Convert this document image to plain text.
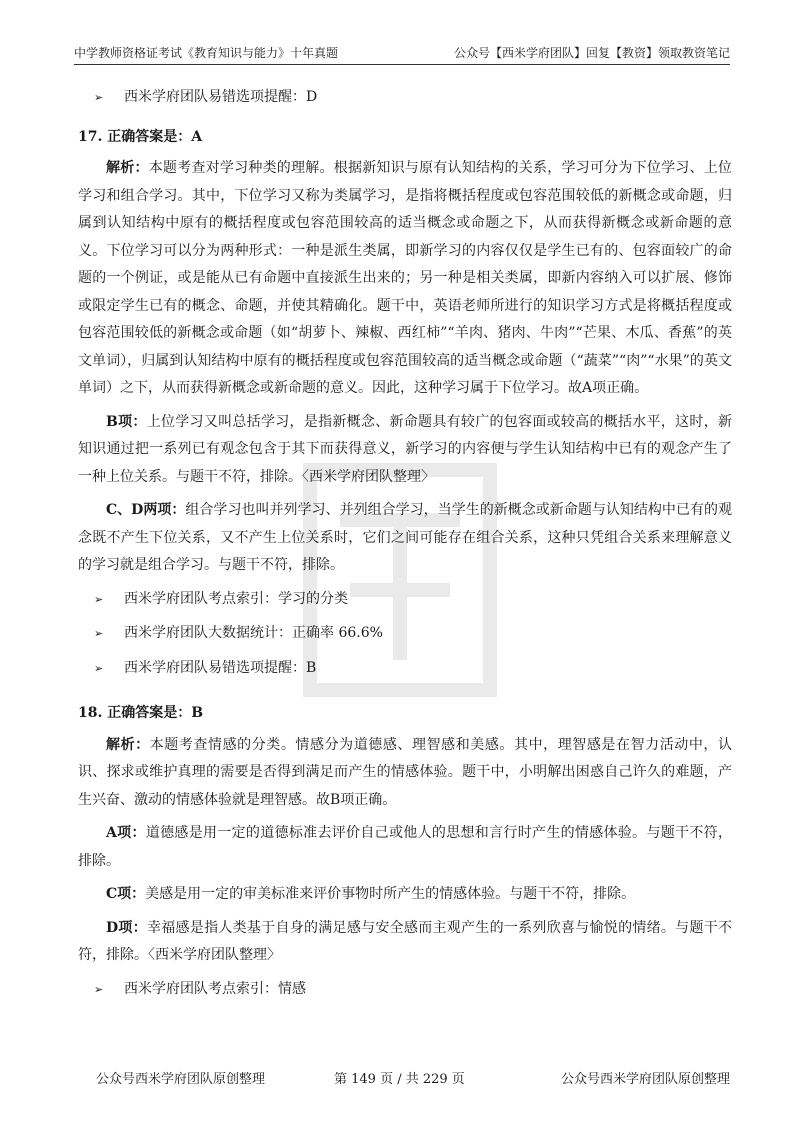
中学教师资格证考试《教育知识与能力》十年真题	公众号【西米学府团队】回复【教资】领取教资笔记
➢	西米学府团队易错选项提醒：D
17. 正确答案是：A

解析：本题考查对学习种类的理解。根据新知识与原有认知结构的关系，学习可分为下位学习、上位学习和组合学习。其中，下位学习又称为类属学习，是指将概括程度或包容范围较低的新概念或命题，归属到认知结构中原有的概括程度或包容范围较高的适当概念或命题之下，从而获得新概念或新命题的意义。下位学习可以分为两种形式：一种是派生类属，即新学习的内容仅仅是学生已有的、包容面较广的命题的一个例证，或是能从已有命题中直接派生出来的；另一种是相关类属，即新内容纳入可以扩展、修饰或限定学生已有的概念、命题，并使其精确化。题干中，英语老师所进行的知识学习方式是将概括程度或包容范围较低的新概念或命题（如“胡萝卜、辣椒、西红柿”“羊肉、猪肉、牛肉”“芒果、木瓜、香蕉”的英文单词），归属到认知结构中原有的概括程度或包容范围较高的适当概念或命题（“蔬菜”“肉”“水果”的英文单词）之下，从而获得新概念或新命题的意义。因此，这种学习属于下位学习。故A项正确。

B项：上位学习又叫总括学习，是指新概念、新命题具有较广的包容面或较高的概括水平，这时，新知识通过把一系列已有观念包含于其下而获得意义，新学习的内容便与学生认知结构中已有的观念产生了一种上位关系。与题干不符，排除。〈西米学府团队整理〉

C、D两项：组合学习也叫并列学习、并列组合学习，当学生的新概念或新命题与认知结构中已有的观念既不产生下位关系，又不产生上位关系时，它们之间可能存在组合关系，这种只凭组合关系来理解意义的学习就是组合学习。与题干不符，排除。

➢	西米学府团队考点索引：学习的分类
➢	西米学府团队大数据统计：正确率 66.6%
➢	西米学府团队易错选项提醒：B
18. 正确答案是：B

解析：本题考查情感的分类。情感分为道德感、理智感和美感。其中，理智感是在智力活动中，认识、探求或维护真理的需要是否得到满足而产生的情感体验。题干中，小明解出困惑自己许久的难题，产生兴奋、激动的情感体验就是理智感。故B项正确。

A项：道德感是用一定的道德标准去评价自己或他人的思想和言行时产生的情感体验。与题干不符，排除。

C项：美感是用一定的审美标准来评价事物时所产生的情感体验。与题干不符，排除。

D项：幸福感是指人类基于自身的满足感与安全感而主观产生的一系列欣喜与愉悦的情绪。与题干不符，排除。〈西米学府团队整理〉

➢	西米学府团队考点索引：情感
公众号西米学府团队原创整理	第 149 页 / 共 229 页	公众号西米学府团队原创整理
